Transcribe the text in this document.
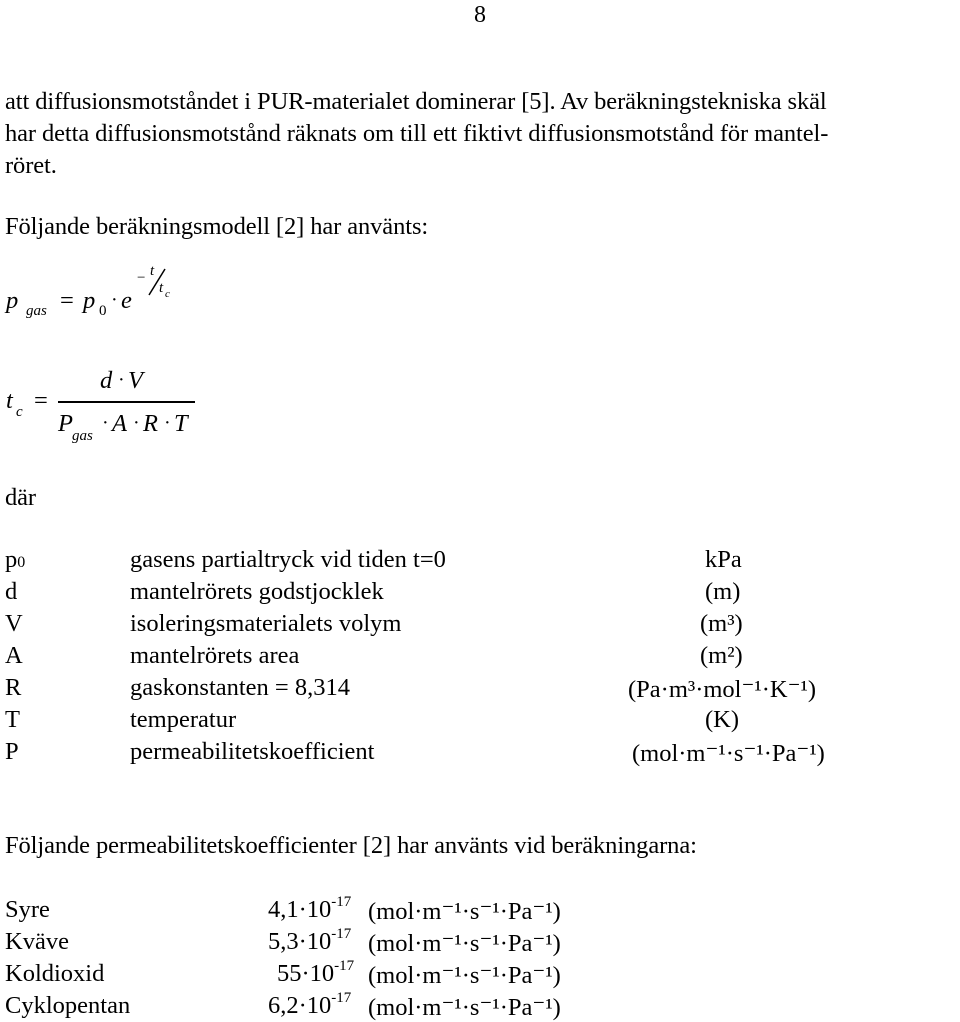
8
att diffusionsmotståndet i PUR-materialet dominerar [5]. Av beräkningstekniska skäl
har detta diffusionsmotstånd räknats om till ett fiktivt diffusionsmotstånd för mantel-
röret.
Följande beräkningsmodell [2] har använts:
p gas = p 0 · e
− t
t c
t c =
d · V
P gas
· A · R · T
där
p0	gasens partialtryck vid tiden t=0	kPa
d	mantelrörets godstjocklek	(m)
V	isoleringsmaterialets volym	(m³)
A	mantelrörets area	(m²)
R	gaskonstanten = 8,314	(Pa·m³·mol⁻¹·K⁻¹)
T	temperatur	(K)
P	permeabilitetskoefficient	(mol·m⁻¹·s⁻¹·Pa⁻¹)
Följande permeabilitetskoefficienter [2] har använts vid beräkningarna:
Syre	$4,1\cdot 10^{-17}$ (mol·m⁻¹·s⁻¹·Pa⁻¹)
Kväve	$5,3\cdot 10^{-17}$ (mol·m⁻¹·s⁻¹·Pa⁻¹)
Koldioxid	$55\cdot 10^{-17}$ (mol·m⁻¹·s⁻¹·Pa⁻¹)
Cyklopentan	$6,2\cdot 10^{-17}$ (mol·m⁻¹·s⁻¹·Pa⁻¹)
